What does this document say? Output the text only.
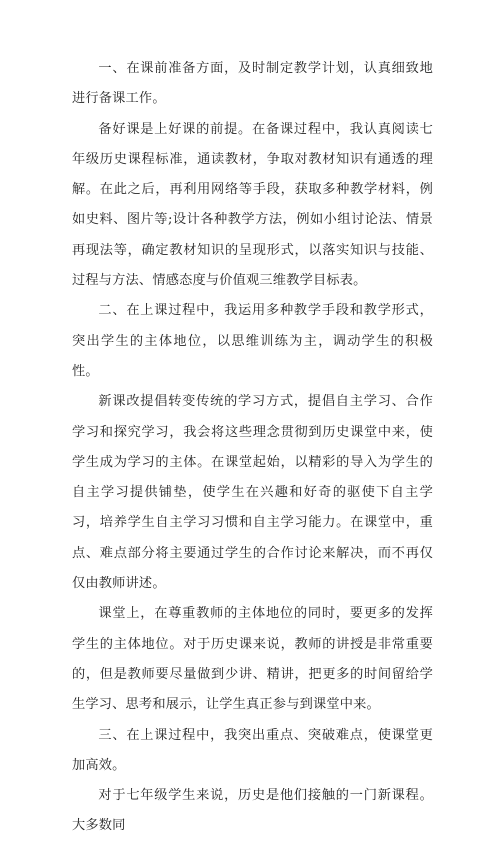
一、在课前准备方面，及时制定教学计划，认真细致地进行备课工作。

备好课是上好课的前提。在备课过程中，我认真阅读七年级历史课程标准，通读教材，争取对教材知识有通透的理解。在此之后，再利用网络等手段，获取多种教学材料，例如史料、图片等;设计各种教学方法，例如小组讨论法、情景再现法等，确定教材知识的呈现形式，以落实知识与技能、过程与方法、情感态度与价值观三维教学目标表。

二、在上课过程中，我运用多种教学手段和教学形式，突出学生的主体地位，以思维训练为主，调动学生的积极性。

新课改提倡转变传统的学习方式，提倡自主学习、合作学习和探究学习，我会将这些理念贯彻到历史课堂中来，使学生成为学习的主体。在课堂起始，以精彩的导入为学生的自主学习提供铺垫，使学生在兴趣和好奇的驱使下自主学习，培养学生自主学习习惯和自主学习能力。在课堂中，重点、难点部分将主要通过学生的合作讨论来解决，而不再仅仅由教师讲述。

课堂上，在尊重教师的主体地位的同时，要更多的发挥学生的主体地位。对于历史课来说，教师的讲授是非常重要的，但是教师要尽量做到少讲、精讲，把更多的时间留给学生学习、思考和展示，让学生真正参与到课堂中来。

三、在上课过程中，我突出重点、突破难点，使课堂更加高效。

对于七年级学生来说，历史是他们接触的一门新课程。大多数同
